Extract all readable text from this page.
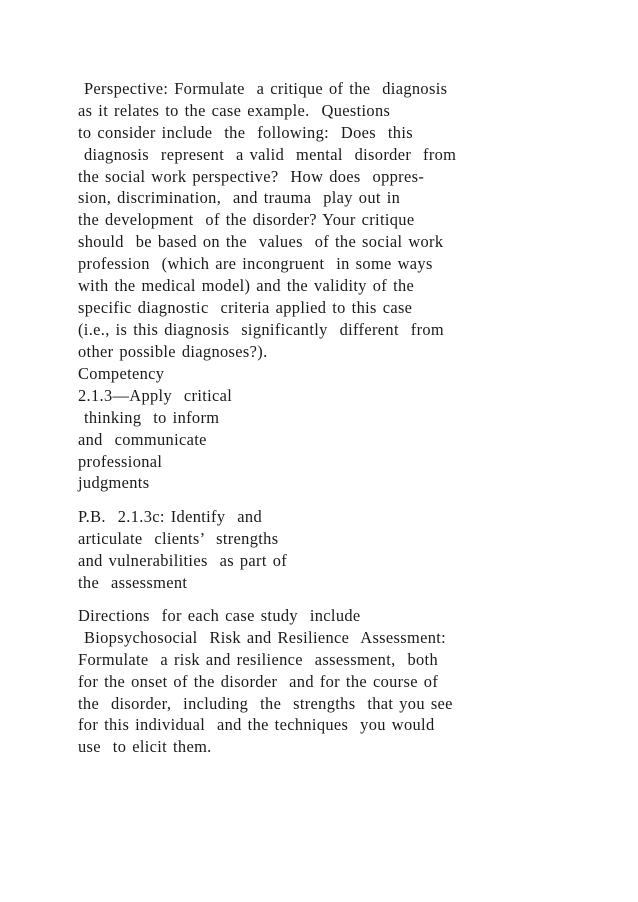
Perspective: Formulate  a critique of the  diagnosis
as it relates to the case example.  Questions
to consider include  the  following:  Does  this
diagnosis  represent  a valid  mental  disorder  from
the social work perspective?  How does  oppres-
sion, discrimination,  and trauma  play out in
the development  of the disorder? Your critique
should  be based on the  values  of the social work
profession  (which are incongruent  in some ways
with the medical model) and the validity of the
specific diagnostic  criteria applied to this case
(i.e., is this diagnosis  significantly  different  from
other possible diagnoses?).
Competency
2.1.3—Apply  critical
thinking  to inform
and  communicate
professional
judgments
P.B.  2.1.3c: Identify  and
articulate  clients’  strengths
and vulnerabilities  as part of
the  assessment
Directions  for each case study  include
Biopsychosocial  Risk and Resilience  Assessment:
Formulate  a risk and resilience  assessment,  both
for the onset of the disorder  and for the course of
the  disorder,  including  the  strengths  that you see
for this individual  and the techniques  you would
use  to elicit them.
